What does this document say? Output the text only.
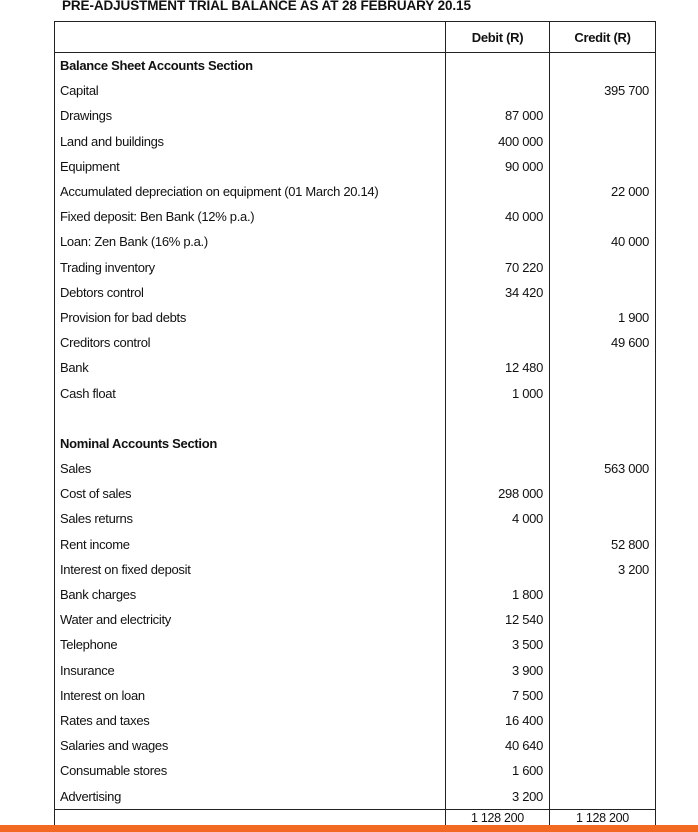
PRE-ADJUSTMENT TRIAL BALANCE AS AT 28 FEBRUARY 20.15
	Debit (R)	Credit (R)
Balance Sheet Accounts Section		
Capital		395 700
Drawings	87 000	
Land and buildings	400 000	
Equipment	90 000	
Accumulated depreciation on equipment (01 March 20.14)		22 000
Fixed deposit: Ben Bank (12% p.a.)	40 000	
Loan: Zen Bank (16% p.a.)		40 000
Trading inventory	70 220	
Debtors control	34 420	
Provision for bad debts		1 900
Creditors control		49 600
Bank	12 480	
Cash float	1 000	

Nominal Accounts Section		
Sales		563 000
Cost of sales	298 000	
Sales returns	4 000	
Rent income		52 800
Interest on fixed deposit		3 200
Bank charges	1 800	
Water and electricity	12 540	
Telephone	3 500	
Insurance	3 900	
Interest on loan	7 500	
Rates and taxes	16 400	
Salaries and wages	40 640	
Consumable stores	1 600	
Advertising	3 200	
	1 128 200	1 128 200
